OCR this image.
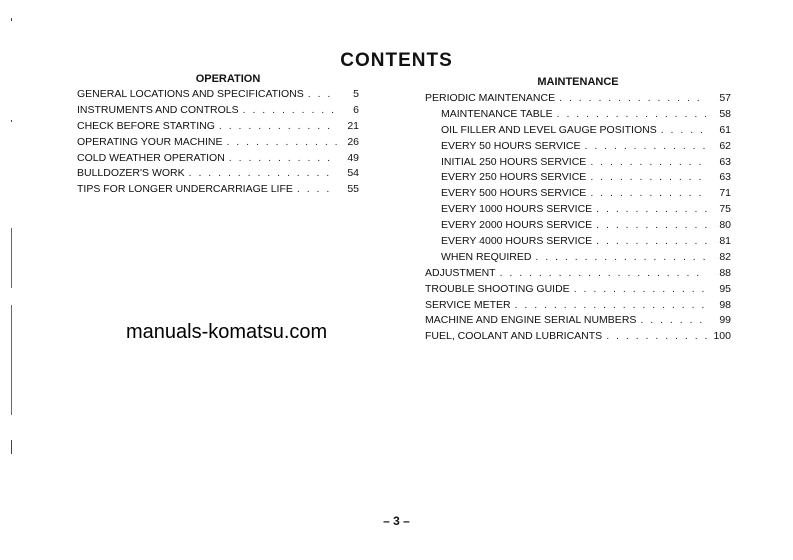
CONTENTS
OPERATION
GENERAL LOCATIONS AND SPECIFICATIONS . . .	5
INSTRUMENTS AND CONTROLS . . .	6
CHECK BEFORE STARTING . . .	21
OPERATING YOUR MACHINE . . .	26
COLD WEATHER OPERATION . . .	49
BULLDOZER'S WORK . . .	54
TIPS FOR LONGER UNDERCARRIAGE LIFE . . .	55
MAINTENANCE
PERIODIC MAINTENANCE . . .	57
MAINTENANCE TABLE . . .	58
OIL FILLER AND LEVEL GAUGE POSITIONS . . .	61
EVERY 50 HOURS SERVICE . . .	62
INITIAL 250 HOURS SERVICE . . .	63
EVERY 250 HOURS SERVICE . . .	63
EVERY 500 HOURS SERVICE . . .	71
EVERY 1000 HOURS SERVICE . . .	75
EVERY 2000 HOURS SERVICE . . .	80
EVERY 4000 HOURS SERVICE . . .	81
WHEN REQUIRED . . .	82
ADJUSTMENT . . .	88
TROUBLE SHOOTING GUIDE . . .	95
SERVICE METER . . .	98
MACHINE AND ENGINE SERIAL NUMBERS . . .	99
FUEL, COOLANT AND LUBRICANTS . . .	100
manuals-komatsu.com
– 3 –
